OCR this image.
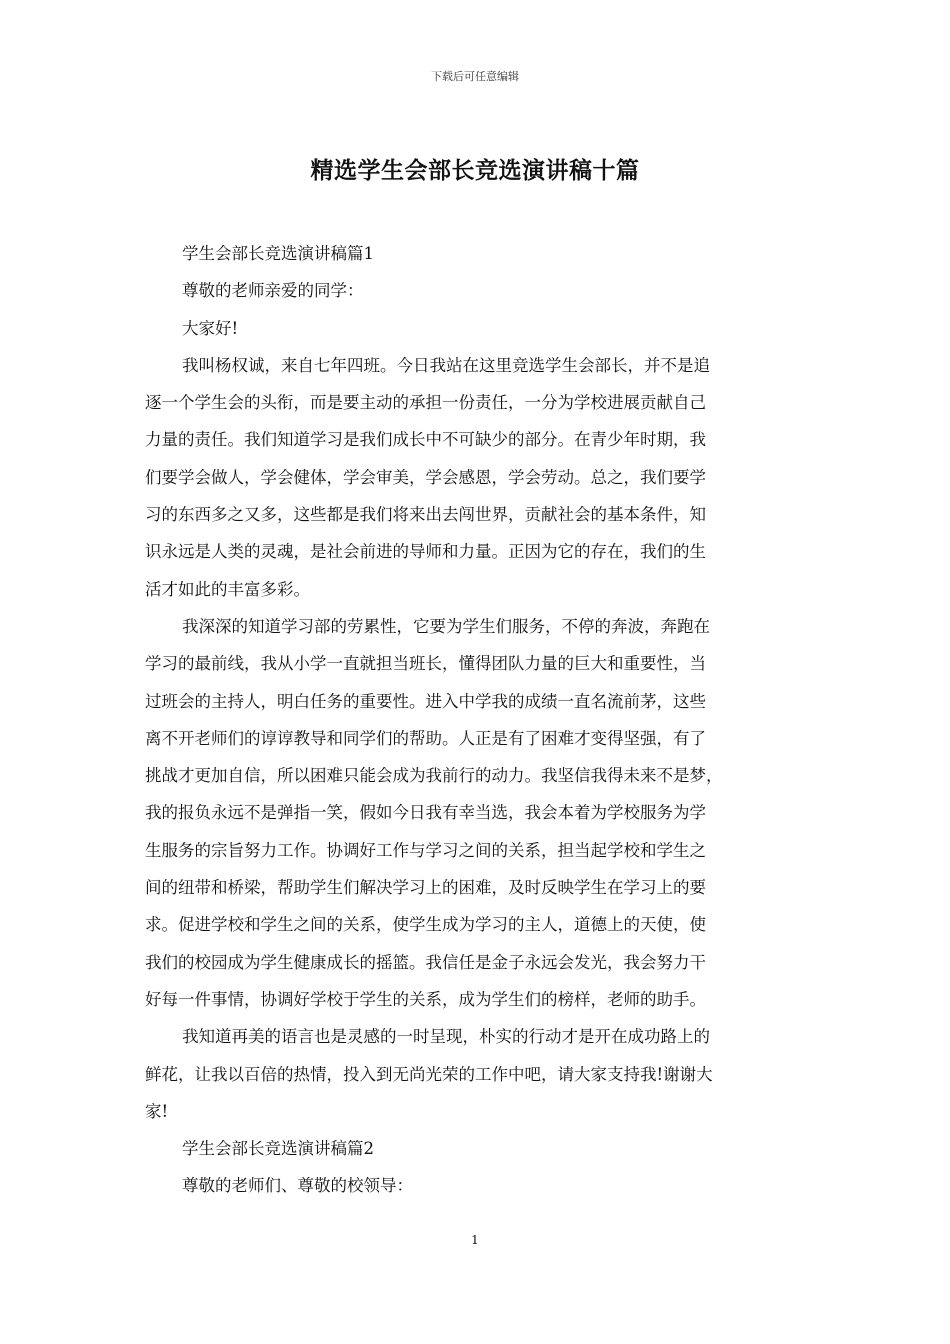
下载后可任意编辑
精选学生会部长竞选演讲稿十篇
学生会部长竞选演讲稿篇1
尊敬的老师亲爱的同学：
大家好!
我叫杨权诚，来自七年四班。今日我站在这里竞选学生会部长，并不是追
逐一个学生会的头衔，而是要主动的承担一份责任，一分为学校进展贡献自己
力量的责任。我们知道学习是我们成长中不可缺少的部分。在青少年时期，我
们要学会做人，学会健体，学会审美，学会感恩，学会劳动。总之，我们要学
习的东西多之又多，这些都是我们将来出去闯世界，贡献社会的基本条件，知
识永远是人类的灵魂，是社会前进的导师和力量。正因为它的存在，我们的生
活才如此的丰富多彩。
我深深的知道学习部的劳累性，它要为学生们服务，不停的奔波，奔跑在
学习的最前线，我从小学一直就担当班长，懂得团队力量的巨大和重要性，当
过班会的主持人，明白任务的重要性。进入中学我的成绩一直名流前茅，这些
离不开老师们的谆谆教导和同学们的帮助。人正是有了困难才变得坚强，有了
挑战才更加自信，所以困难只能会成为我前行的动力。我坚信我得未来不是梦，
我的报负永远不是弹指一笑，假如今日我有幸当选，我会本着为学校服务为学
生服务的宗旨努力工作。协调好工作与学习之间的关系，担当起学校和学生之
间的纽带和桥梁，帮助学生们解决学习上的困难，及时反映学生在学习上的要
求。促进学校和学生之间的关系，使学生成为学习的主人，道德上的天使，使
我们的校园成为学生健康成长的摇篮。我信任是金子永远会发光，我会努力干
好每一件事情，协调好学校于学生的关系，成为学生们的榜样，老师的助手。
我知道再美的语言也是灵感的一时呈现，朴实的行动才是开在成功路上的
鲜花，让我以百倍的热情，投入到无尚光荣的工作中吧，请大家支持我!谢谢大
家!
学生会部长竞选演讲稿篇2
尊敬的老师们、尊敬的校领导：
1
